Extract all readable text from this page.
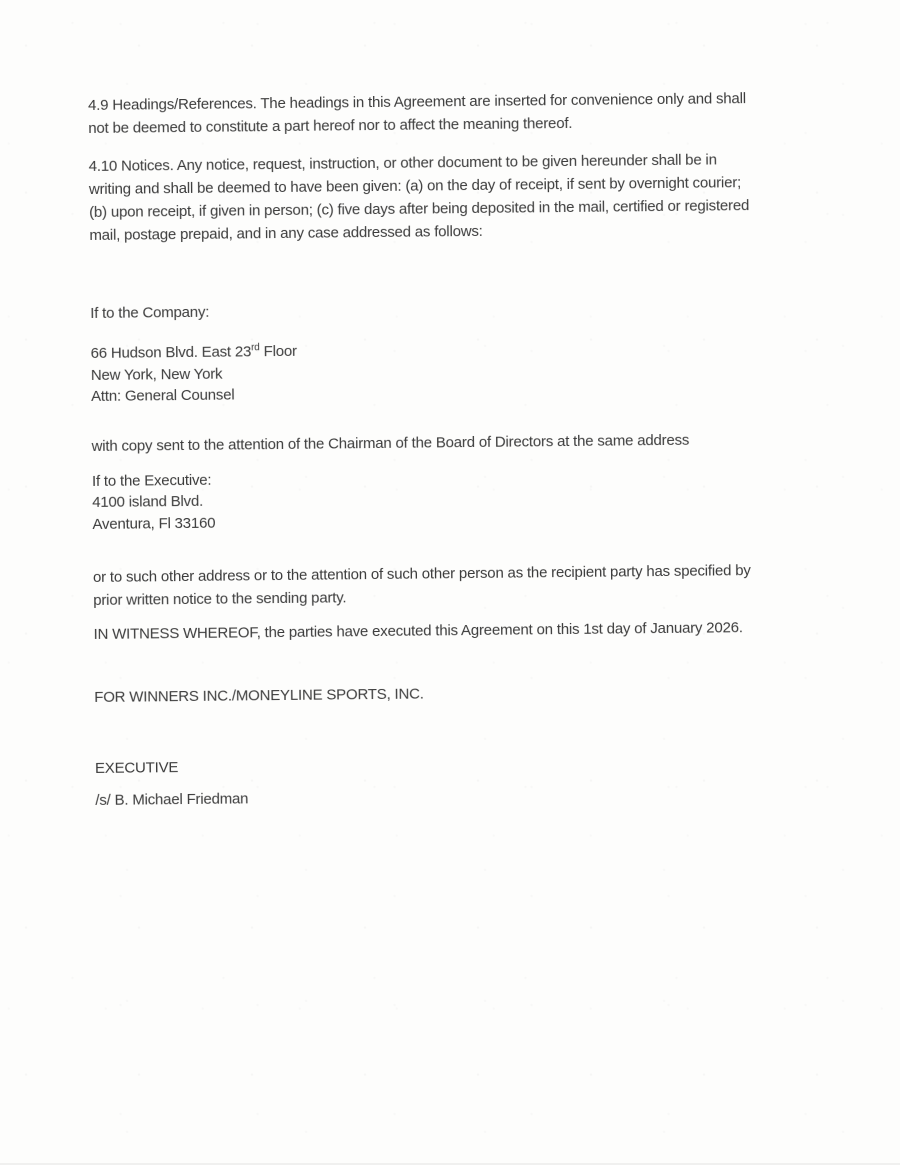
4.9 Headings/References. The headings in this Agreement are inserted for convenience only and shall
not be deemed to constitute a part hereof nor to affect the meaning thereof.

4.10 Notices. Any notice, request, instruction, or other document to be given hereunder shall be in
writing and shall be deemed to have been given: (a) on the day of receipt, if sent by overnight courier;
(b) upon receipt, if given in person; (c) five days after being deposited in the mail, certified or registered
mail, postage prepaid, and in any case addressed as follows:

If to the Company:

66 Hudson Blvd. East 23rd Floor
New York, New York
Attn: General Counsel

with copy sent to the attention of the Chairman of the Board of Directors at the same address

If to the Executive:
4100 island Blvd.
Aventura, Fl 33160

or to such other address or to the attention of such other person as the recipient party has specified by
prior written notice to the sending party.

IN WITNESS WHEREOF, the parties have executed this Agreement on this 1st day of January 2026.

FOR WINNERS INC./MONEYLINE SPORTS, INC.

EXECUTIVE

/s/ B. Michael Friedman
